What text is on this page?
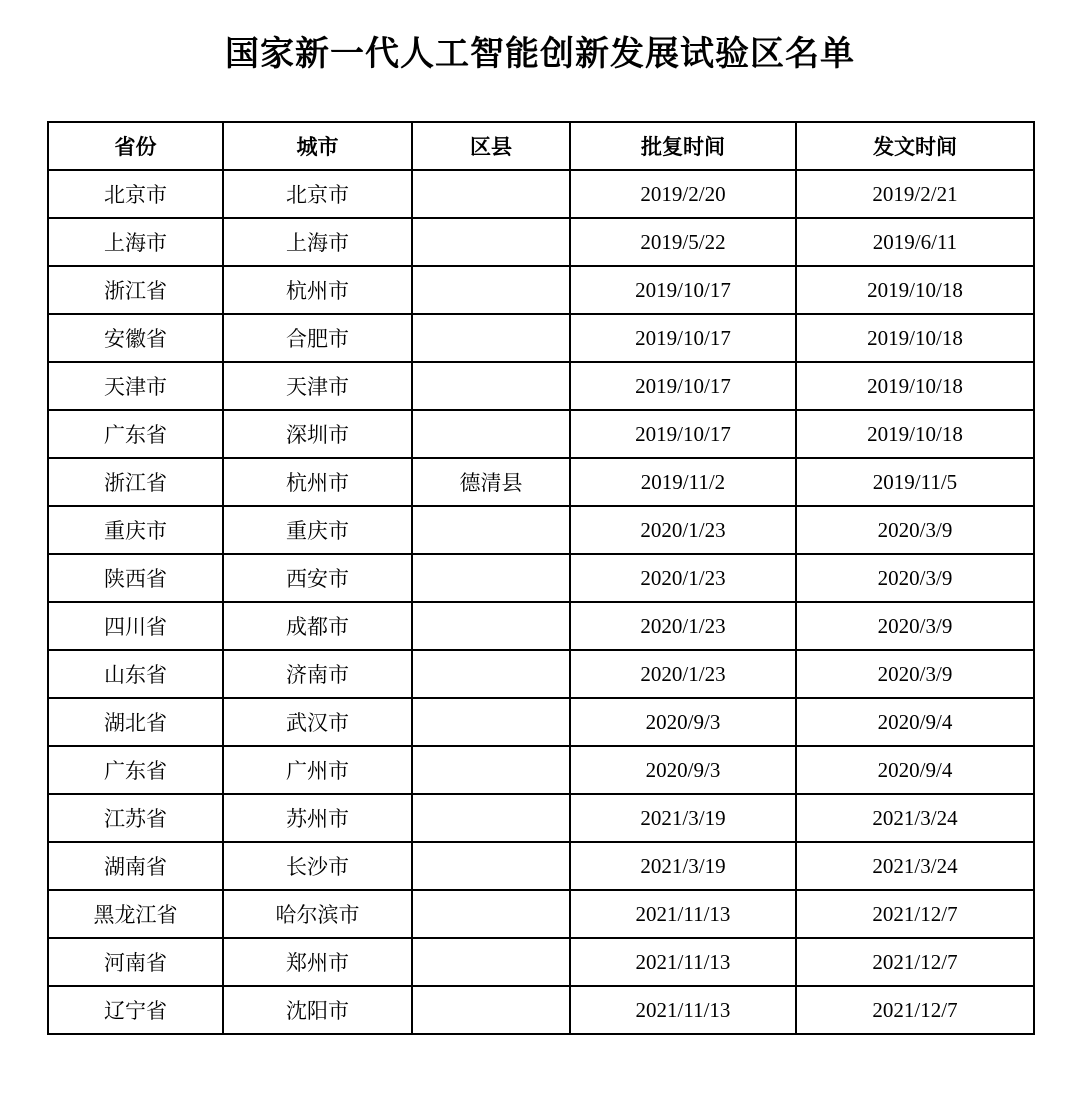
国家新一代人工智能创新发展试验区名单
省份	城市	区县	批复时间	发文时间
北京市	北京市		2019/2/20	2019/2/21
上海市	上海市		2019/5/22	2019/6/11
浙江省	杭州市		2019/10/17	2019/10/18
安徽省	合肥市		2019/10/17	2019/10/18
天津市	天津市		2019/10/17	2019/10/18
广东省	深圳市		2019/10/17	2019/10/18
浙江省	杭州市	德清县	2019/11/2	2019/11/5
重庆市	重庆市		2020/1/23	2020/3/9
陕西省	西安市		2020/1/23	2020/3/9
四川省	成都市		2020/1/23	2020/3/9
山东省	济南市		2020/1/23	2020/3/9
湖北省	武汉市		2020/9/3	2020/9/4
广东省	广州市		2020/9/3	2020/9/4
江苏省	苏州市		2021/3/19	2021/3/24
湖南省	长沙市		2021/3/19	2021/3/24
黑龙江省	哈尔滨市		2021/11/13	2021/12/7
河南省	郑州市		2021/11/13	2021/12/7
辽宁省	沈阳市		2021/11/13	2021/12/7
